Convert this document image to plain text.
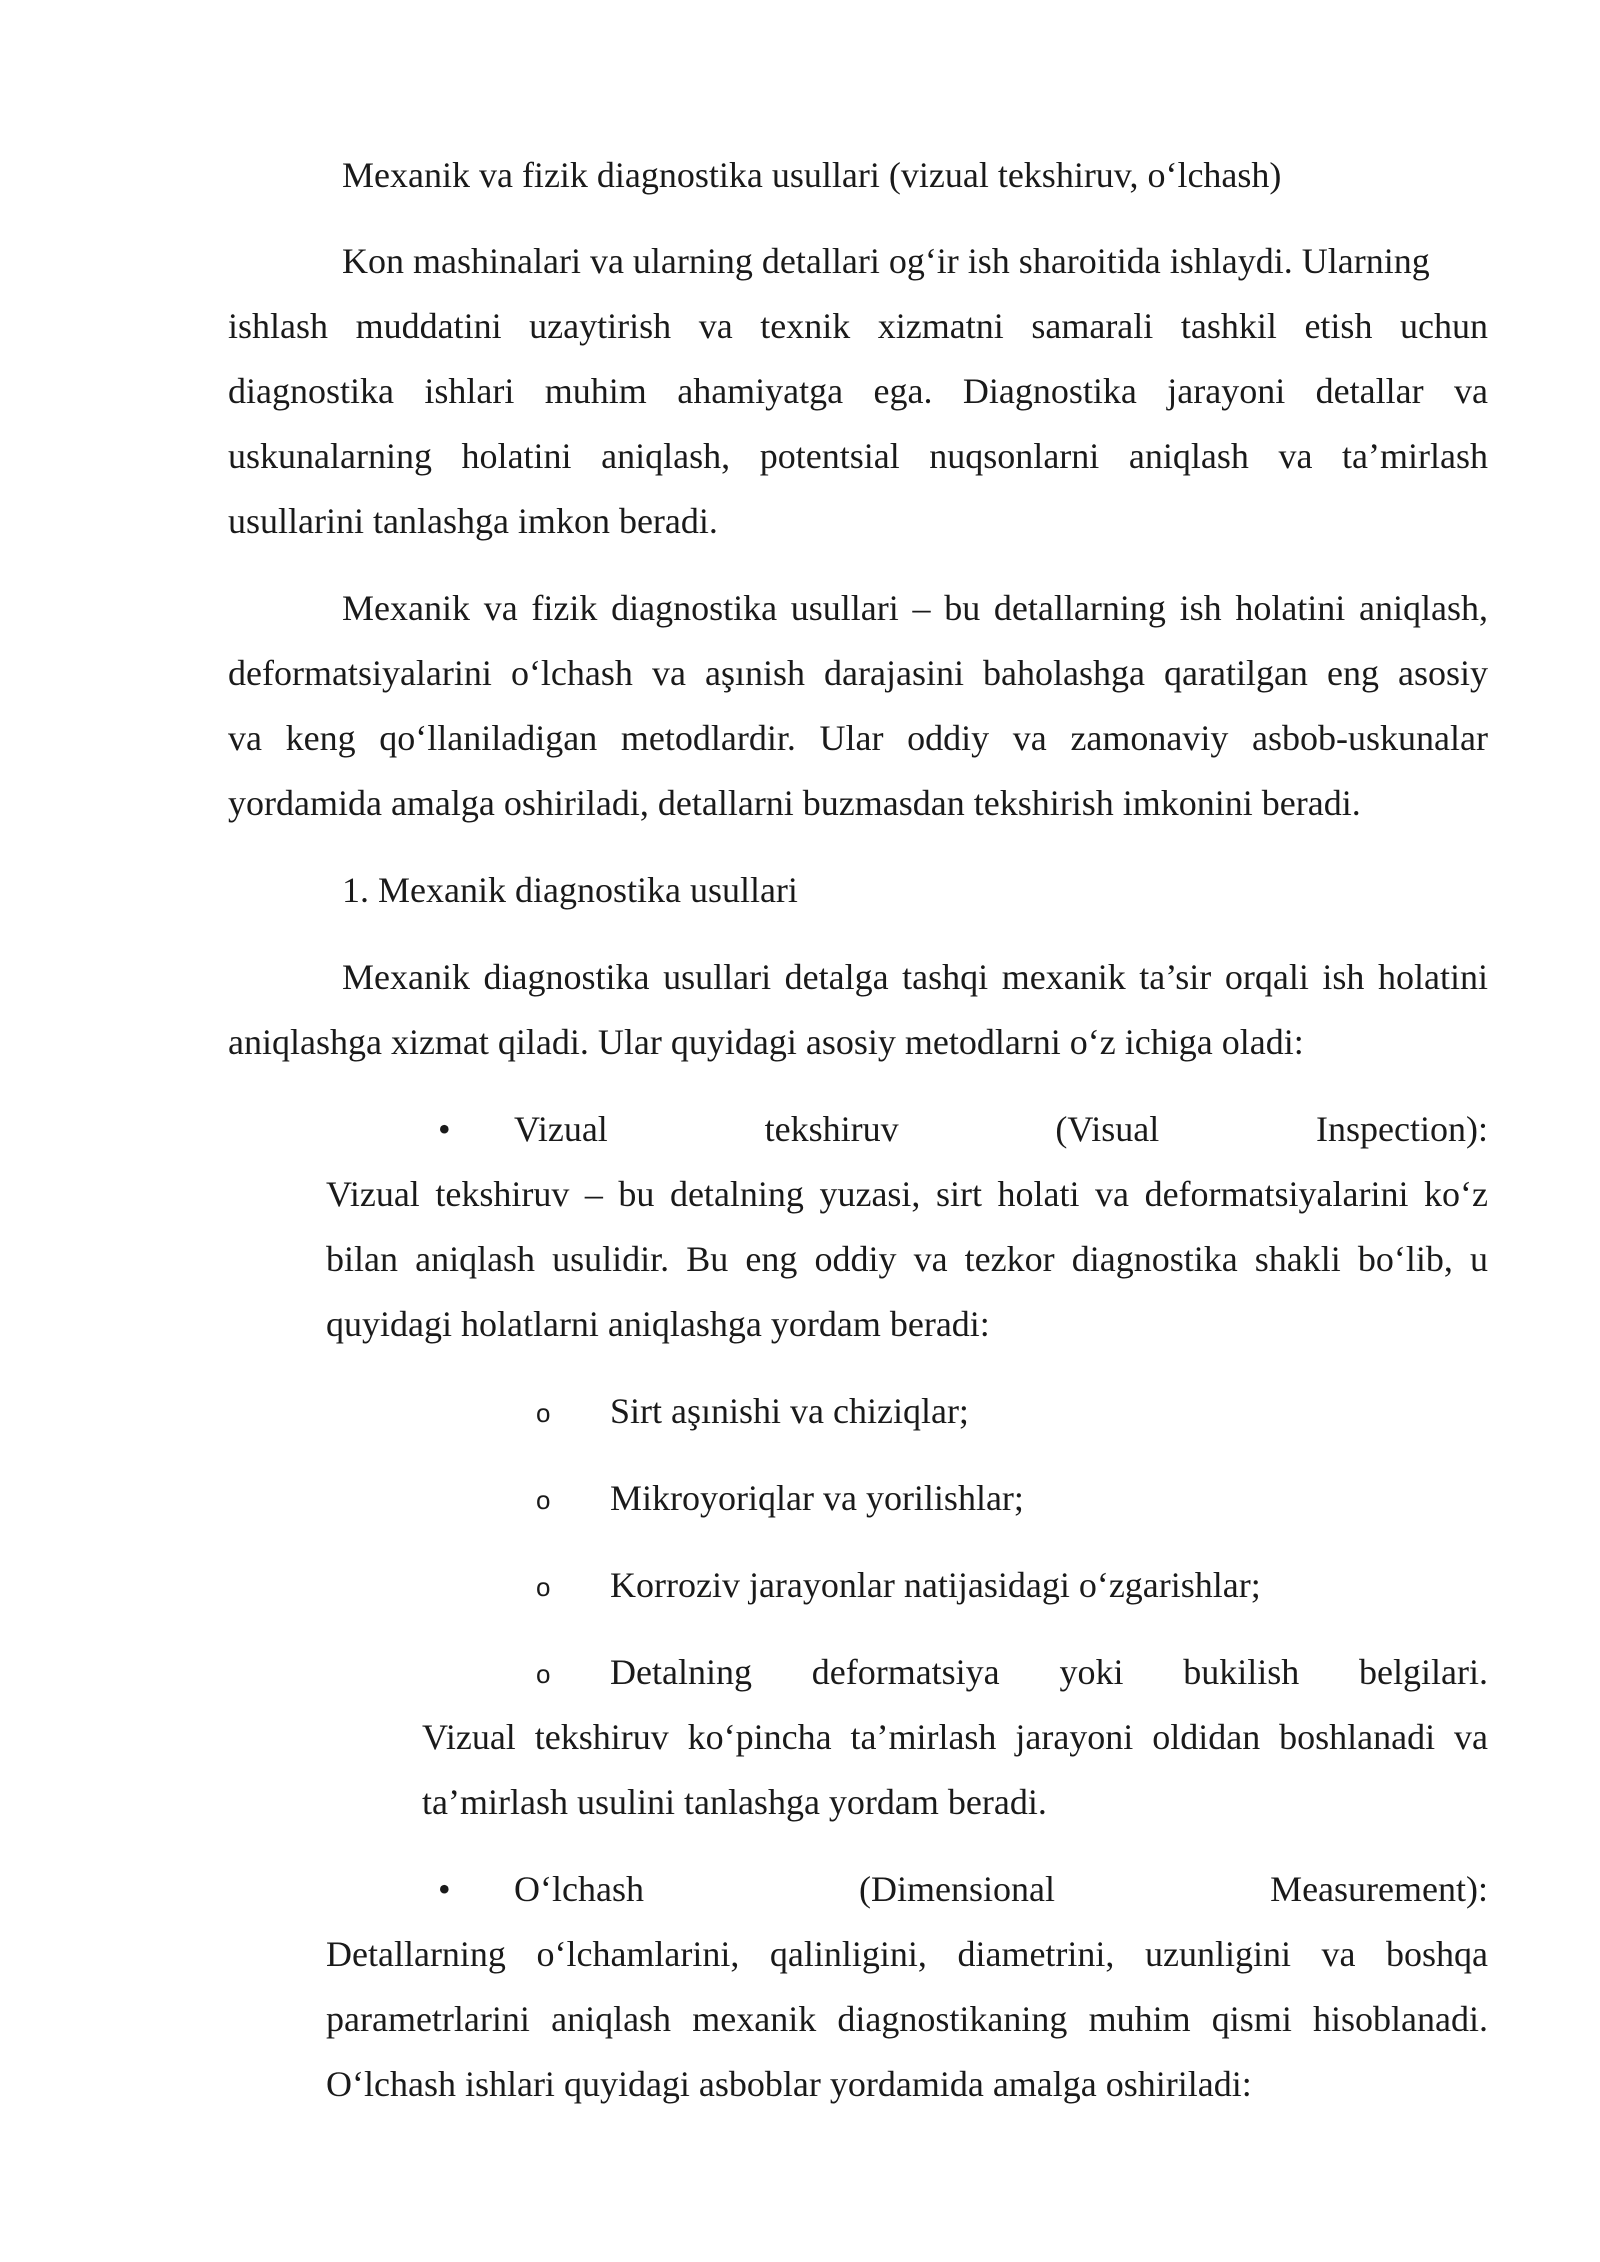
Mexanik va fizik diagnostika usullari (vizual tekshiruv, o‘lchash)
Kon mashinalari va ularning detallari og‘ir ish sharoitida ishlaydi. Ularning
ishlash muddatini uzaytirish va texnik xizmatni samarali tashkil etish uchun
diagnostika ishlari muhim ahamiyatga ega. Diagnostika jarayoni detallar va
uskunalarning holatini aniqlash, potentsial nuqsonlarni aniqlash va ta’mirlash
usullarini tanlashga imkon beradi.
Mexanik va fizik diagnostika usullari – bu detallarning ish holatini aniqlash,
deformatsiyalarini o‘lchash va aşınish darajasini baholashga qaratilgan eng asosiy
va keng qo‘llaniladigan metodlardir. Ular oddiy va zamonaviy asbob-uskunalar
yordamida amalga oshiriladi, detallarni buzmasdan tekshirish imkonini beradi.
1. Mexanik diagnostika usullari
Mexanik diagnostika usullari detalga tashqi mexanik ta’sir orqali ish holatini
aniqlashga xizmat qiladi. Ular quyidagi asosiy metodlarni o‘z ichiga oladi:
• Vizual	tekshiruv	(Visual	Inspection):
Vizual tekshiruv – bu detalning yuzasi, sirt holati va deformatsiyalarini ko‘z
bilan aniqlash usulidir. Bu eng oddiy va tezkor diagnostika shakli bo‘lib, u
quyidagi holatlarni aniqlashga yordam beradi:
o Sirt aşınishi va chiziqlar;
o Mikroyoriqlar va yorilishlar;
o Korroziv jarayonlar natijasidagi o‘zgarishlar;
o Detalning deformatsiya yoki bukilish belgilari.
Vizual tekshiruv ko‘pincha ta’mirlash jarayoni oldidan boshlanadi va
ta’mirlash usulini tanlashga yordam beradi.
• O‘lchash	(Dimensional	Measurement):
Detallarning o‘lchamlarini, qalinligini, diametrini, uzunligini va boshqa
parametrlarini aniqlash mexanik diagnostikaning muhim qismi hisoblanadi.
O‘lchash ishlari quyidagi asboblar yordamida amalga oshiriladi:
